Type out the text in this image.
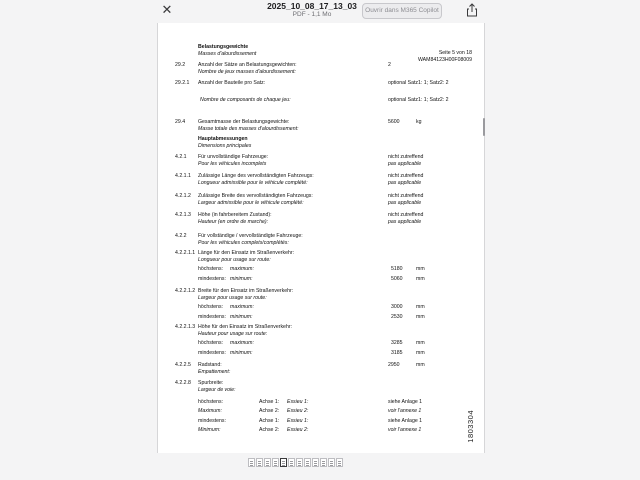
✕	2025_10_08_17_13_03
PDF - 1,1 Mo
Ouvrir dans M365 Copilot
Seite 5 von 18
WAM84123H00F08009
Belastungsgewichte
Masses d'alourdissement
29.2 Anzahl der Sätze an Belastungsgewichten:	2
Nombre de jeux masses d'alourdissement:
29.2.1 Anzahl der Bauteile pro Satz:	optional Satz1: 1; Satz2: 2
Nombre de composants de chaque jeu:	optional Satz1: 1; Satz2: 2
29.4 Gesamtmasse der Belastungsgewichte:	5600	kg
Masse totale des masses d'alourdissement:
Hauptabmessungen
Dimensions principales
4.2.1 Für unvollständige Fahrzeuge:	nicht zutreffend
Pour les véhicules incomplets	pas applicable
4.2.1.1 Zulässige Länge des vervollständigten Fahrzeugs:	nicht zutreffend
Longueur admissible pour le véhicule complété:	pas applicable
4.2.1.2 Zulässige Breite des vervollständigten Fahrzeugs:	nicht zutreffend
Largeur admissible pour le véhicule complété:	pas applicable
4.2.1.3 Höhe (in fahrbereitem Zustand):	nicht zutreffend
Hauteur (en ordre de marche):	pas applicable
4.2.2 Für vollständige / vervollständigte Fahrzeuge:
Pour les véhicules complets/complétés:
4.2.2.1.1 Länge für den Einsatz im Straßenverkehr:
Longueur pour usage sur route:
höchstens: maximum:	5180	mm
mindestens: minimum:	5060	mm
4.2.2.1.2 Breite für den Einsatz im Straßenverkehr:
Largeur pour usage sur route:
höchstens: maximum:	3000	mm
mindestens: minimum:	2530	mm
4.2.2.1.3 Höhe für den Einsatz im Straßenverkehr:
Hauteur pour usage sur route:
höchstens: maximum:	3285	mm
mindestens: minimum:	3185	mm
4.2.2.5 Radstand:	2950	mm
Empattement:
4.2.2.8 Spurbreite:
Largeur de voie:
höchstens:	Achse 1: Essieu 1:	siehe Anlage 1
Maximum:	Achse 2: Essieu 2:	voir l'annexe 1
mindestens:	Achse 1: Essieu 1:	siehe Anlage 1
Minimum:	Achse 2: Essieu 2:	voir l'annexe 1	1803304
